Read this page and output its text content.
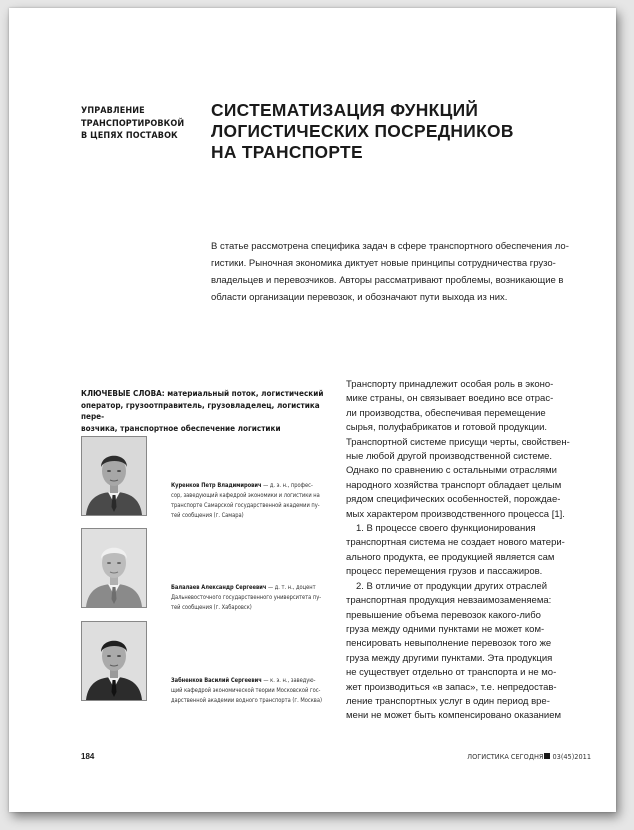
УПРАВЛЕНИЕ
ТРАНСПОРТИРОВКОЙ
В ЦЕПЯХ ПОСТАВОК
СИСТЕМАТИЗАЦИЯ ФУНКЦИЙ
ЛОГИСТИЧЕСКИХ ПОСРЕДНИКОВ
НА ТРАНСПОРТЕ
В статье рассмотрена специфика задач в сфере транспортного обеспечения ло-
гистики. Рыночная экономика диктует новые принципы сотрудничества грузо-
владельцев и перевозчиков. Авторы рассматривают проблемы, возникающие в
области организации перевозок, и обозначают пути выхода из них.
КЛЮЧЕВЫЕ СЛОВА: материальный поток, логистический
оператор, грузоотправитель, грузовладелец, логистика пере-
возчика, транспортное обеспечение логистики

Куренков Петр Владимирович — д. э. н., профес-
сор, заведующий кафедрой экономики и логистики на
транспорте Самарской государственной академии пу-
тей сообщения (г. Самара)

Балалаев Александр Сергеевич — д. т. н., доцент
Дальневосточного государственного университета пу-
тей сообщения (г. Хабаровск)

Забненков Василий Сергеевич — к. э. н., заведую-
щий кафедрой экономической теории Московской гос-
дарственной академии водного транспорта (г. Москва)

Транспорту принадлежит особая роль в эконо-
мике страны, он связывает воедино все отрас-
ли производства, обеспечивая перемещение
сырья, полуфабрикатов и готовой продукции.
Транспортной системе присущи черты, свойствен-
ные любой другой производственной системе.
Однако по сравнению с остальными отраслями
народного хозяйства транспорт обладает целым
рядом специфических особенностей, порождае-
мых характером производственного процесса [1].

1. В процессе своего функционирования
транспортная система не создает нового матери-
ального продукта, ее продукцией является сам
процесс перемещения грузов и пассажиров.

2. В отличие от продукции других отраслей
транспортная продукция невзаимозаменяема:
превышение объема перевозок какого-либо
груза между одними пунктами не может ком-
пенсировать невыполнение перевозок того же
груза между другими пунктами. Эта продукция
не существует отдельно от транспорта и не мо-
жет производиться «в запас», т.е. непредостав-
ление транспортных услуг в один период вре-
мени не может быть компенсировано оказанием

184	ЛОГИСТИКА СЕГОДНЯ 03(45)2011
